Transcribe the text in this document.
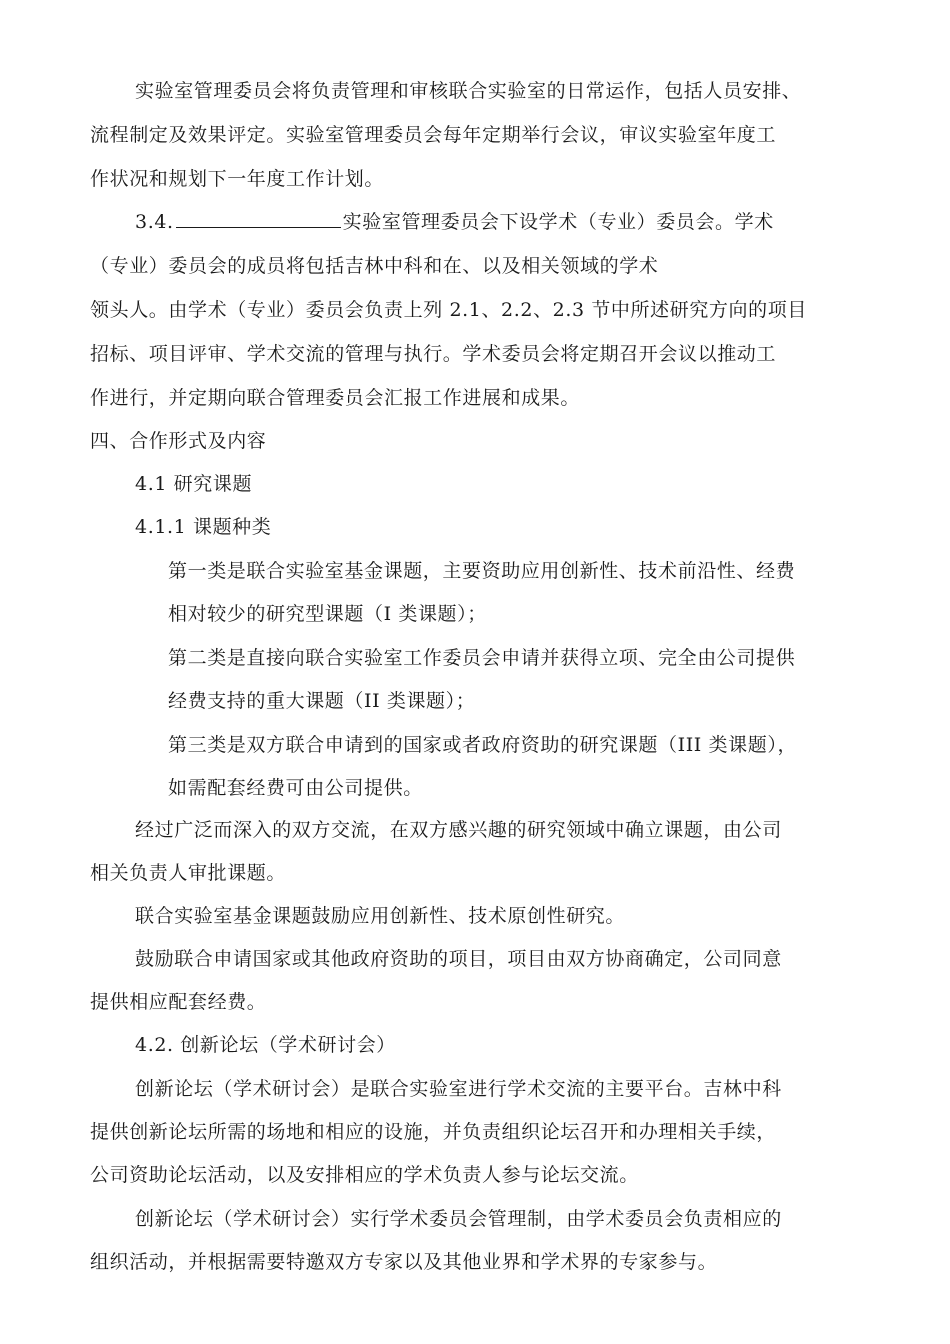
实验室管理委员会将负责管理和审核联合实验室的日常运作，包括人员安排、
流程制定及效果评定。实验室管理委员会每年定期举行会议，审议实验室年度工
作状况和规划下一年度工作计划。
3.4.	实验室管理委员会下设学术（专业）委员会。学术
（专业）委员会的成员将包括吉林中科和在、以及相关领域的学术
领头人。由学术（专业）委员会负责上列 2.1、2.2、2.3 节中所述研究方向的项目
招标、项目评审、学术交流的管理与执行。学术委员会将定期召开会议以推动工
作进行，并定期向联合管理委员会汇报工作进展和成果。
四、合作形式及内容
4.1 研究课题
4.1.1 课题种类
第一类是联合实验室基金课题，主要资助应用创新性、技术前沿性、经费
相对较少的研究型课题（I 类课题）；
第二类是直接向联合实验室工作委员会申请并获得立项、完全由公司提供
经费支持的重大课题（II 类课题）；
第三类是双方联合申请到的国家或者政府资助的研究课题（III 类课题），
如需配套经费可由公司提供。
经过广泛而深入的双方交流，在双方感兴趣的研究领域中确立课题，由公司
相关负责人审批课题。
联合实验室基金课题鼓励应用创新性、技术原创性研究。
鼓励联合申请国家或其他政府资助的项目，项目由双方协商确定，公司同意
提供相应配套经费。
4.2. 创新论坛（学术研讨会）
创新论坛（学术研讨会）是联合实验室进行学术交流的主要平台。吉林中科
提供创新论坛所需的场地和相应的设施，并负责组织论坛召开和办理相关手续，
公司资助论坛活动，以及安排相应的学术负责人参与论坛交流。
创新论坛（学术研讨会）实行学术委员会管理制，由学术委员会负责相应的
组织活动，并根据需要特邀双方专家以及其他业界和学术界的专家参与。
